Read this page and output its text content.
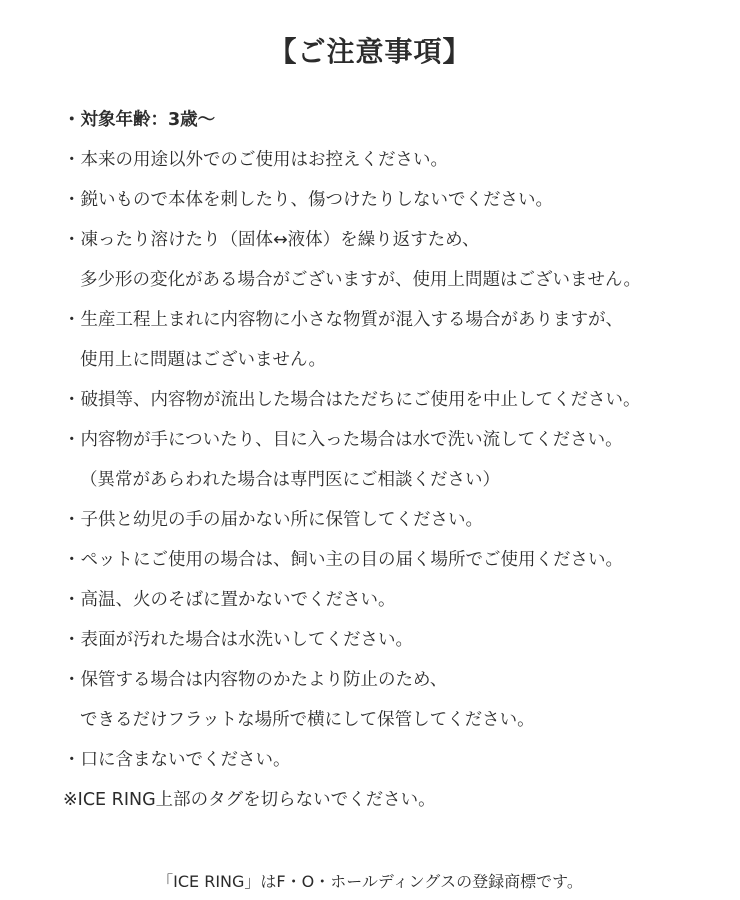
【ご注意事項】
・対象年齢：3歳〜
・本来の用途以外でのご使用はお控えください。
・鋭いもので本体を刺したり、傷つけたりしないでください。
・凍ったり溶けたり（固体↔液体）を繰り返すため、
多少形の変化がある場合がございますが、使用上問題はございません。
・生産工程上まれに内容物に小さな物質が混入する場合がありますが、
使用上に問題はございません。
・破損等、内容物が流出した場合はただちにご使用を中止してください。
・内容物が手についたり、目に入った場合は水で洗い流してください。
（異常があらわれた場合は専門医にご相談ください）
・子供と幼児の手の届かない所に保管してください。
・ペットにご使用の場合は、飼い主の目の届く場所でご使用ください。
・高温、火のそばに置かないでください。
・表面が汚れた場合は水洗いしてください。
・保管する場合は内容物のかたより防止のため、
できるだけフラットな場所で横にして保管してください。
・口に含まないでください。
※ICE RING上部のタグを切らないでください。
「ICE RING」はF・O・ホールディングスの登録商標です。
